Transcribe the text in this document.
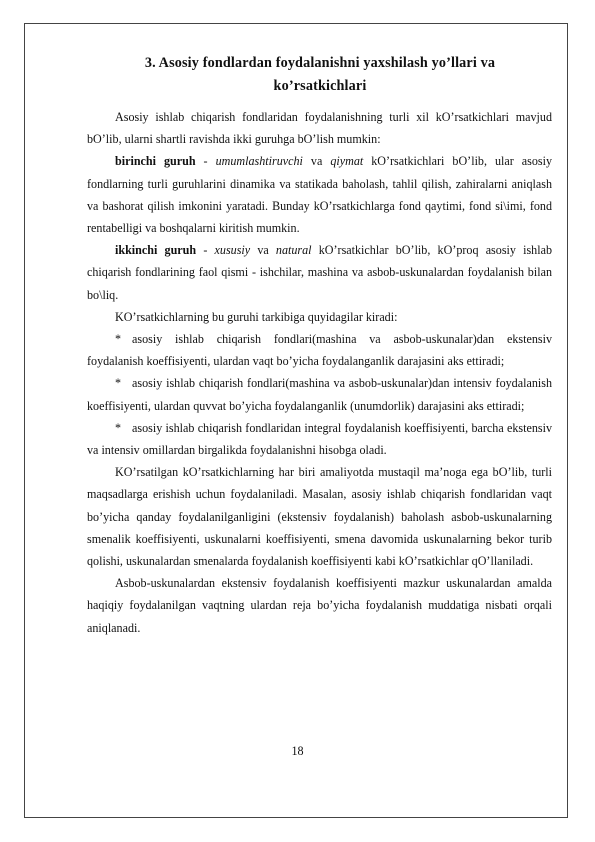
3. Asosiy fondlardan foydalanishni yaxshilash yo’llari va ko’rsatkichlari

Asosiy ishlab chiqarish fondlaridan foydalanishning turli xil kO’rsatkichlari mavjud bO’lib, ularni shartli ravishda ikki guruhga bO’lish mumkin:

birinchi guruh - umumlashtiruvchi va qiymat kO’rsatkichlari bO’lib, ular asosiy fondlarning turli guruhlarini dinamika va statikada baholash, tahlil qilish, zahiralarni aniqlash va bashorat qilish imkonini yaratadi. Bunday kO’rsatkichlarga fond qaytimi, fond si\imi, fond rentabelligi va boshqalarni kiritish mumkin.

ikkinchi guruh - xususiy va natural kO’rsatkichlar bO’lib, kO’proq asosiy ishlab chiqarish fondlarining faol qismi - ishchilar, mashina va asbob-uskunalardan foydalanish bilan bo\liq.

KO’rsatkichlarning bu guruhi tarkibiga quyidagilar kiradi:

*asosiy ishlab chiqarish fondlari(mashina va asbob-uskunalar)dan ekstensiv foydalanish koeffisiyenti, ulardan vaqt bo’yicha foydalanganlik darajasini aks ettiradi;

*asosiy ishlab chiqarish fondlari(mashina va asbob-uskunalar)dan intensiv foydalanish koeffisiyenti, ulardan quvvat bo’yicha foydalanganlik (unumdorlik) darajasini aks ettiradi;

*asosiy ishlab chiqarish fondlaridan integral foydalanish koeffisiyenti, barcha ekstensiv va intensiv omillardan birgalikda foydalanishni hisobga oladi.

KO’rsatilgan kO’rsatkichlarning har biri amaliyotda mustaqil ma’noga ega bO’lib, turli maqsadlarga erishish uchun foydalaniladi. Masalan, asosiy ishlab chiqarish fondlaridan vaqt bo’yicha qanday foydalanilganligini (ekstensiv foydalanish) baholash asbob-uskunalarning smenalik koeffisiyenti, uskunalarni koeffisiyenti, smena davomida uskunalarning bekor turib qolishi, uskunalardan smenalarda foydalanish koeffisiyenti kabi kO’rsatkichlar qO’llaniladi.

Asbob-uskunalardan ekstensiv foydalanish koeffisiyenti mazkur uskunalardan amalda haqiqiy foydalanilgan vaqtning ulardan reja bo’yicha foydalanish muddatiga nisbati orqali aniqlanadi.

18
